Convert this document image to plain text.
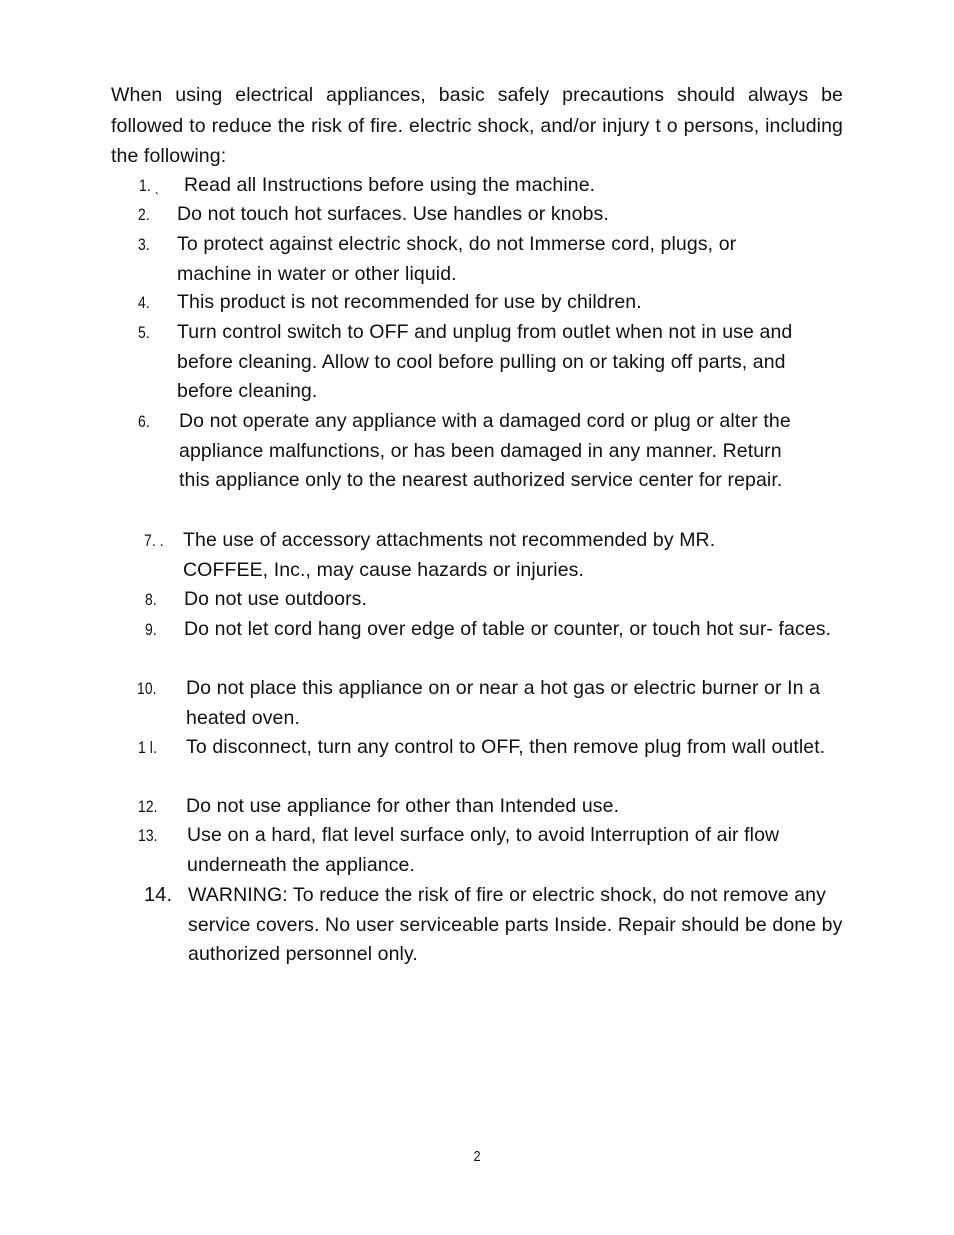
When using electrical appliances, basic safely precautions should always be followed to reduce the risk of fire. electric shock, and/or injury t o persons, including the following:
1. ˎ Read all Instructions before using the machine.
2. Do not touch hot surfaces. Use handles or knobs.
3. To protect against electric shock, do not Immerse cord, plugs, or machine in water or other liquid.
4. This product is not recommended for use by children.
5. Turn control switch to OFF and unplug from outlet when not in use and before cleaning. Allow to cool before pulling on or taking off parts, and before cleaning.
6. Do not operate any appliance with a damaged cord or plug or alter the appliance malfunctions, or has been damaged in any manner. Return this appliance only to the nearest authorized service center for repair.
7. . The use of accessory attachments not recommended by MR. COFFEE, Inc., may cause hazards or injuries.
8. Do not use outdoors.
9. Do not let cord hang over edge of table or counter, or touch hot sur- faces.
10. Do not place this appliance on or near a hot gas or electric burner or In a heated oven.
1 l. To disconnect, turn any control to OFF, then remove plug from wall outlet.
12. Do not use appliance for other than Intended use.
13. Use on a hard, flat level surface only, to avoid lnterruption of air flow underneath the appliance.
14. WARNING: To reduce the risk of fire or electric shock, do not remove any service covers. No user serviceable parts Inside. Repair should be done by authorized personnel only.
2
